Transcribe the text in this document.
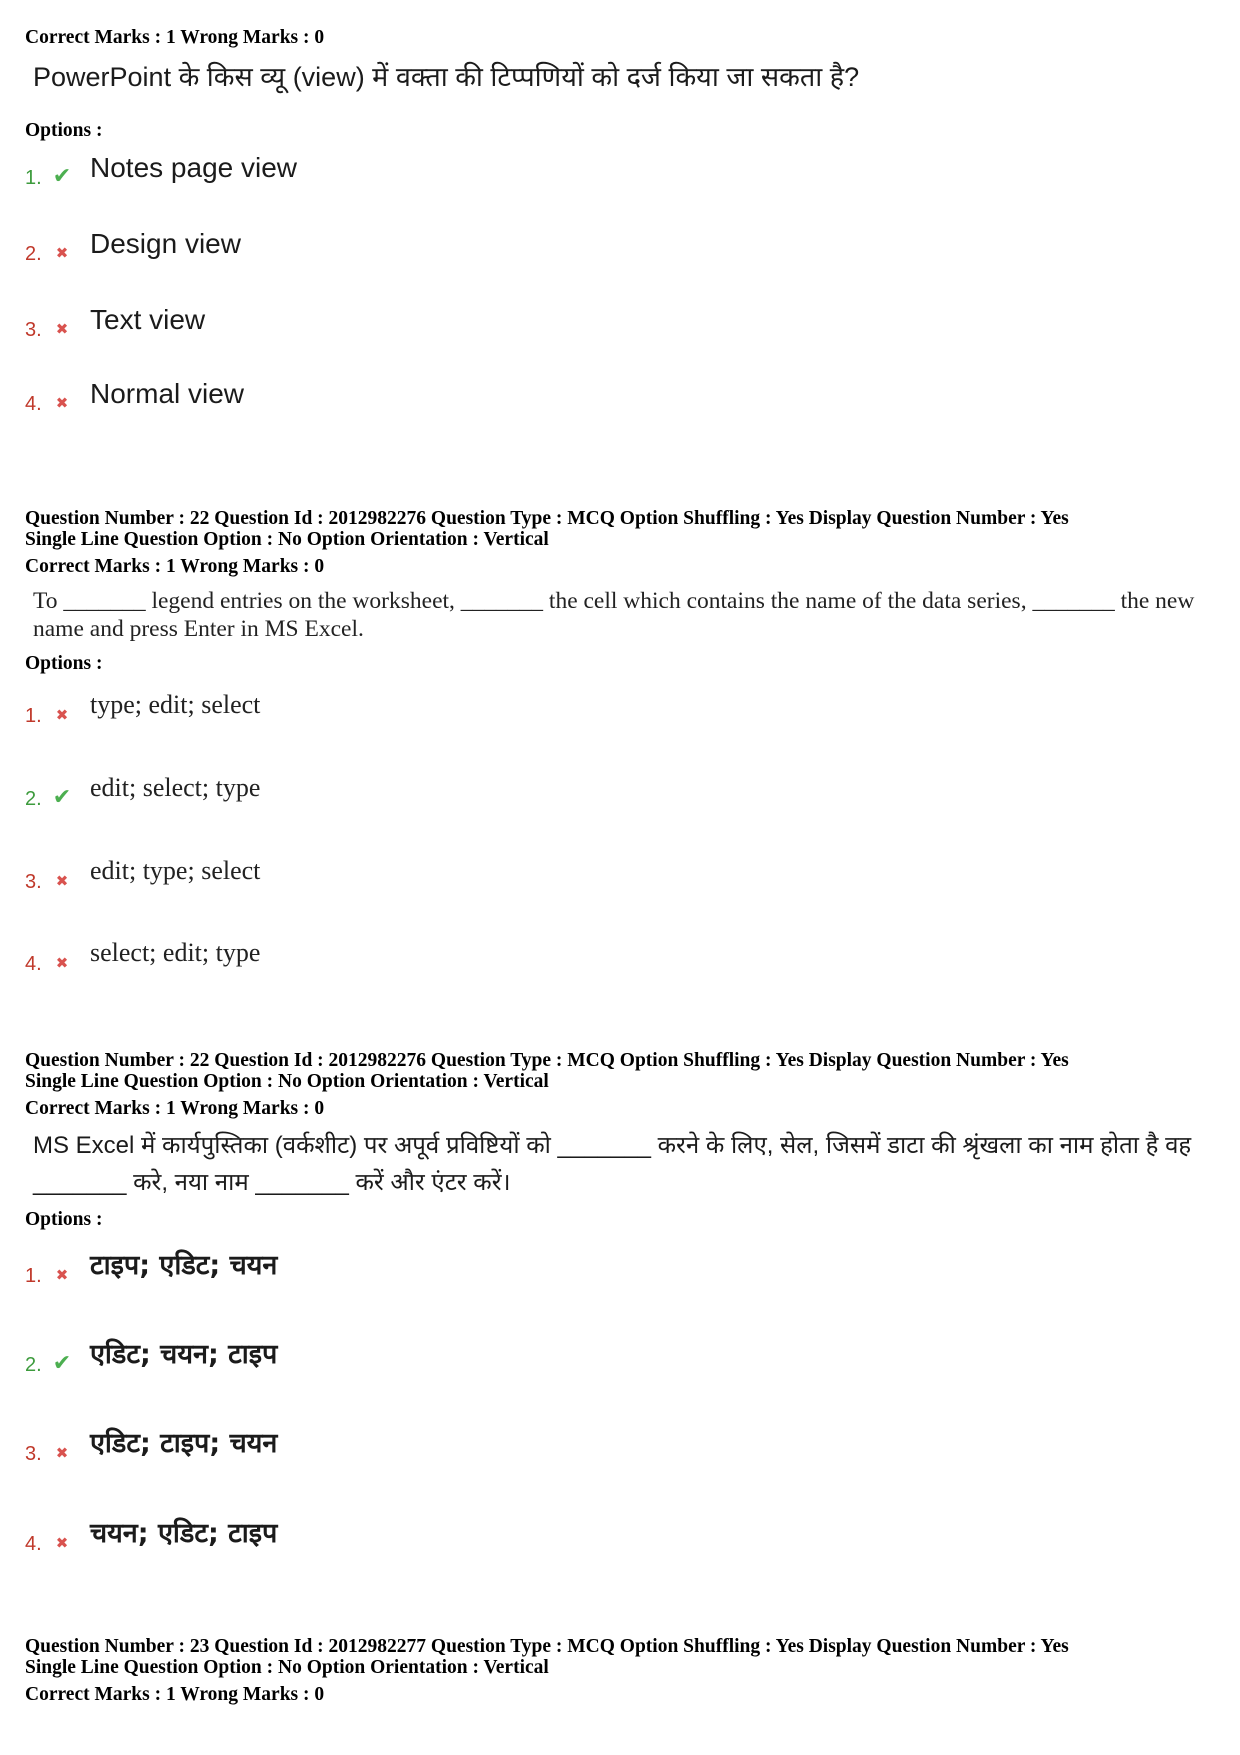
Correct Marks : 1 Wrong Marks : 0

PowerPoint के किस व्यू (view) में वक्ता की टिप्पणियों को दर्ज किया जा सकता है?

Options :

1. ✔ Notes page view
2. ✖ Design view
3. ✖ Text view
4. ✖ Normal view

Question Number : 22 Question Id : 2012982276 Question Type : MCQ Option Shuffling : Yes Display Question Number : Yes

Single Line Question Option : No Option Orientation : Vertical

Correct Marks : 1 Wrong Marks : 0

To _______ legend entries on the worksheet, _______ the cell which contains the name of the data series, _______ the new name and press Enter in MS Excel.

Options :

1. ✖ type; edit; select
2. ✔ edit; select; type
3. ✖ edit; type; select
4. ✖ select; edit; type

Question Number : 22 Question Id : 2012982276 Question Type : MCQ Option Shuffling : Yes Display Question Number : Yes

Single Line Question Option : No Option Orientation : Vertical

Correct Marks : 1 Wrong Marks : 0

MS Excel में कार्यपुस्तिका (वर्कशीट) पर अपूर्व प्रविष्टियों को _______ करने के लिए, सेल, जिसमें डाटा की श्रृंखला का नाम होता है वह _______ करे, नया नाम _______ करें और एंटर करें।

Options :

1. ✖ टाइप; एडिट; चयन
2. ✔ एडिट; चयन; टाइप
3. ✖ एडिट; टाइप; चयन
4. ✖ चयन; एडिट; टाइप

Question Number : 23 Question Id : 2012982277 Question Type : MCQ Option Shuffling : Yes Display Question Number : Yes

Single Line Question Option : No Option Orientation : Vertical

Correct Marks : 1 Wrong Marks : 0
